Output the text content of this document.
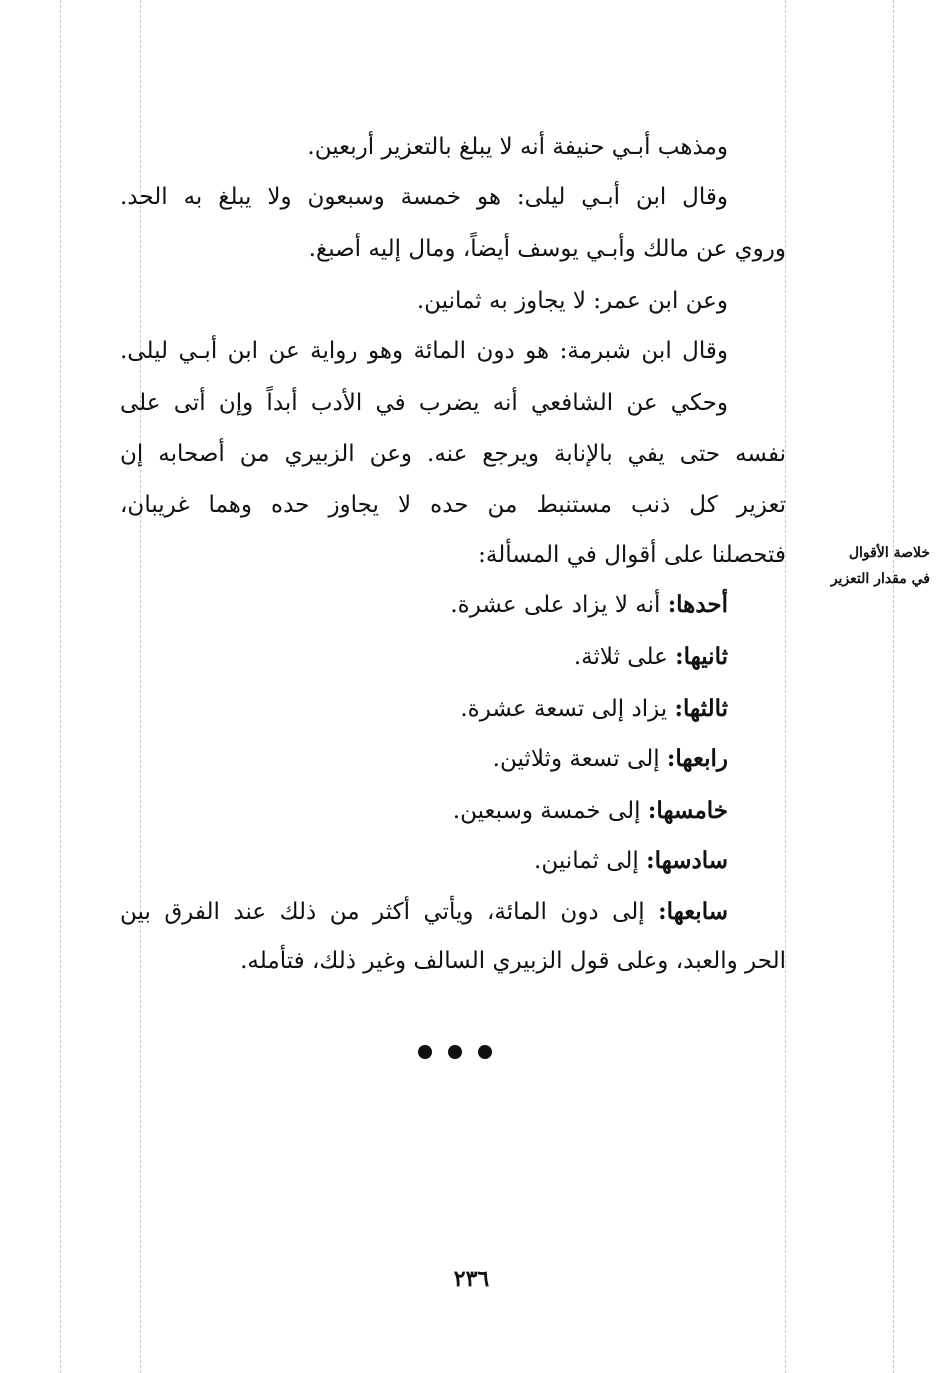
ومذهب أبـي حنيفة أنه لا يبلغ بالتعزير أربعين.
وقال ابن أبـي ليلى: هو خمسة وسبعون ولا يبلغ به الحد.
وروي عن مالك وأبـي يوسف أيضاً، ومال إليه أصبغ.
وعن ابن عمر: لا يجاوز به ثمانين.
وقال ابن شبرمة: هو دون المائة وهو رواية عن ابن أبـي ليلى.
وحكي عن الشافعي أنه يضرب في الأدب أبداً وإن أتى على
نفسه حتى يفي بالإنابة ويرجع عنه. وعن الزبيري من أصحابه إن
تعزير كل ذنب مستنبط من حده لا يجاوز حده وهما غريبان،
فتحصلنا على أقوال في المسألة:	خلاصة الأقوال
في مقدار التعزير
أحدها: أنه لا يزاد على عشرة.
ثانيها: على ثلاثة.
ثالثها: يزاد إلى تسعة عشرة.
رابعها: إلى تسعة وثلاثين.
خامسها: إلى خمسة وسبعين.
سادسها: إلى ثمانين.
سابعها: إلى دون المائة، ويأتي أكثر من ذلك عند الفرق بين
الحر والعبد، وعلى قول الزبيري السالف وغير ذلك، فتأمله.
٢٣٦
